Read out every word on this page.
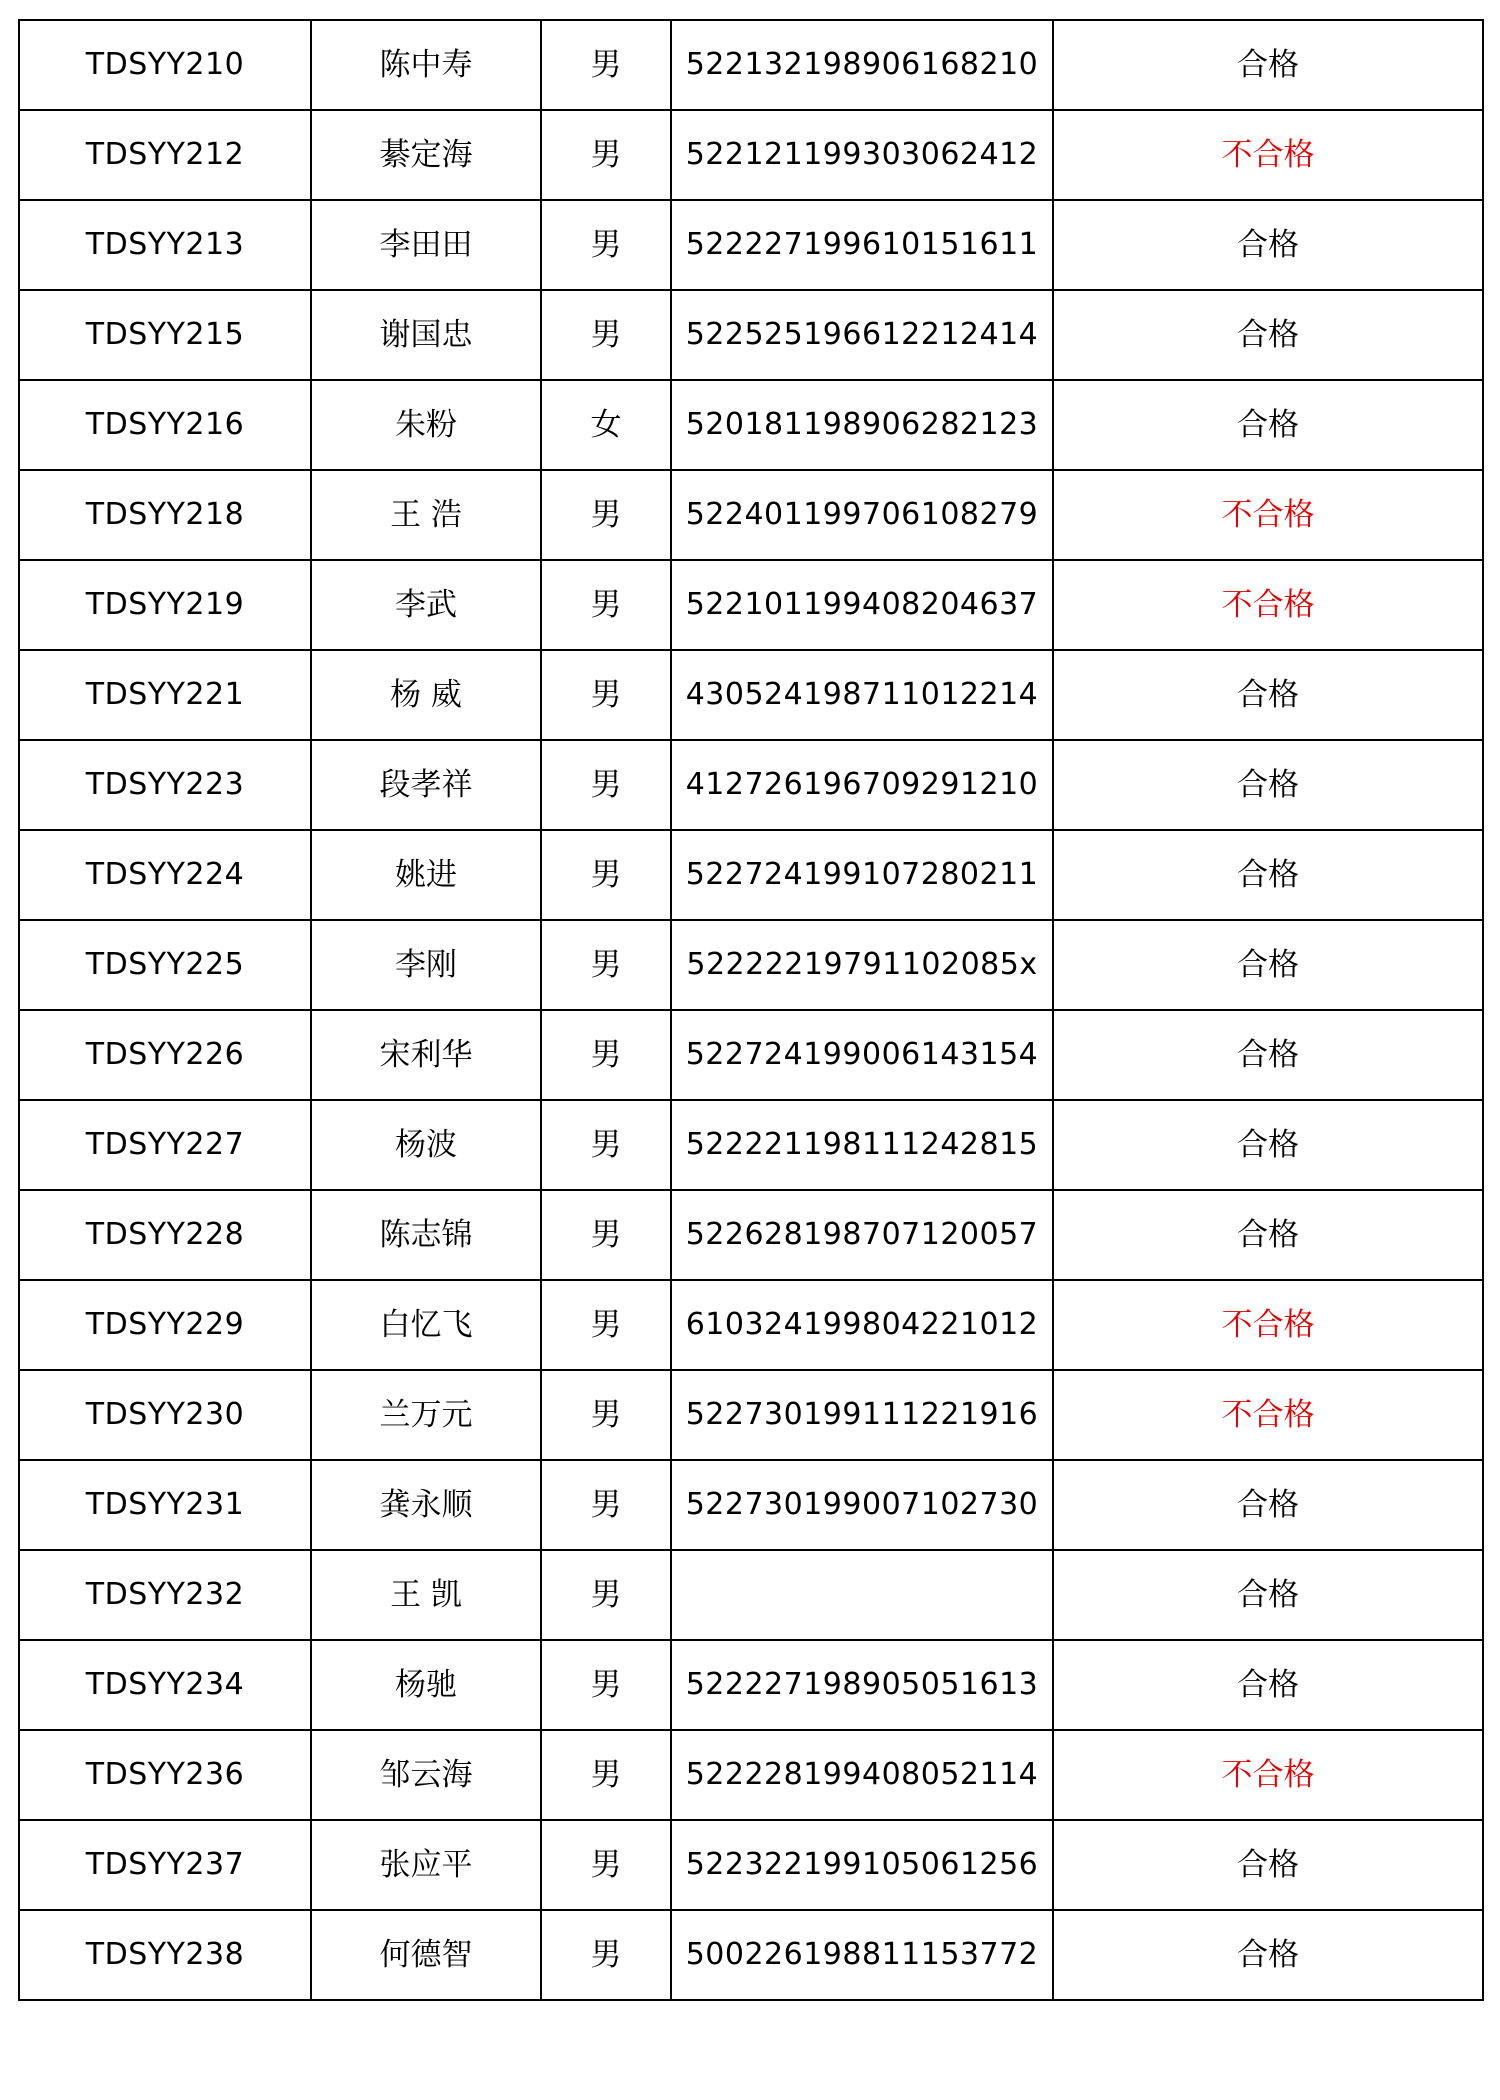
TDSYY210	陈中寿	男	522132198906168210	合格
TDSYY212	綦定海	男	522121199303062412	不合格
TDSYY213	李田田	男	522227199610151611	合格
TDSYY215	谢国忠	男	522525196612212414	合格
TDSYY216	朱粉	女	520181198906282123	合格
TDSYY218	王 浩	男	522401199706108279	不合格
TDSYY219	李武	男	522101199408204637	不合格
TDSYY221	杨 威	男	430524198711012214	合格
TDSYY223	段孝祥	男	412726196709291210	合格
TDSYY224	姚进	男	522724199107280211	合格
TDSYY225	李刚	男	52222219791102085x	合格
TDSYY226	宋利华	男	522724199006143154	合格
TDSYY227	杨波	男	522221198111242815	合格
TDSYY228	陈志锦	男	522628198707120057	合格
TDSYY229	白忆飞	男	610324199804221012	不合格
TDSYY230	兰万元	男	522730199111221916	不合格
TDSYY231	龚永顺	男	522730199007102730	合格
TDSYY232	王 凯	男		合格
TDSYY234	杨驰	男	522227198905051613	合格
TDSYY236	邹云海	男	522228199408052114	不合格
TDSYY237	张应平	男	522322199105061256	合格
TDSYY238	何德智	男	500226198811153772	合格
